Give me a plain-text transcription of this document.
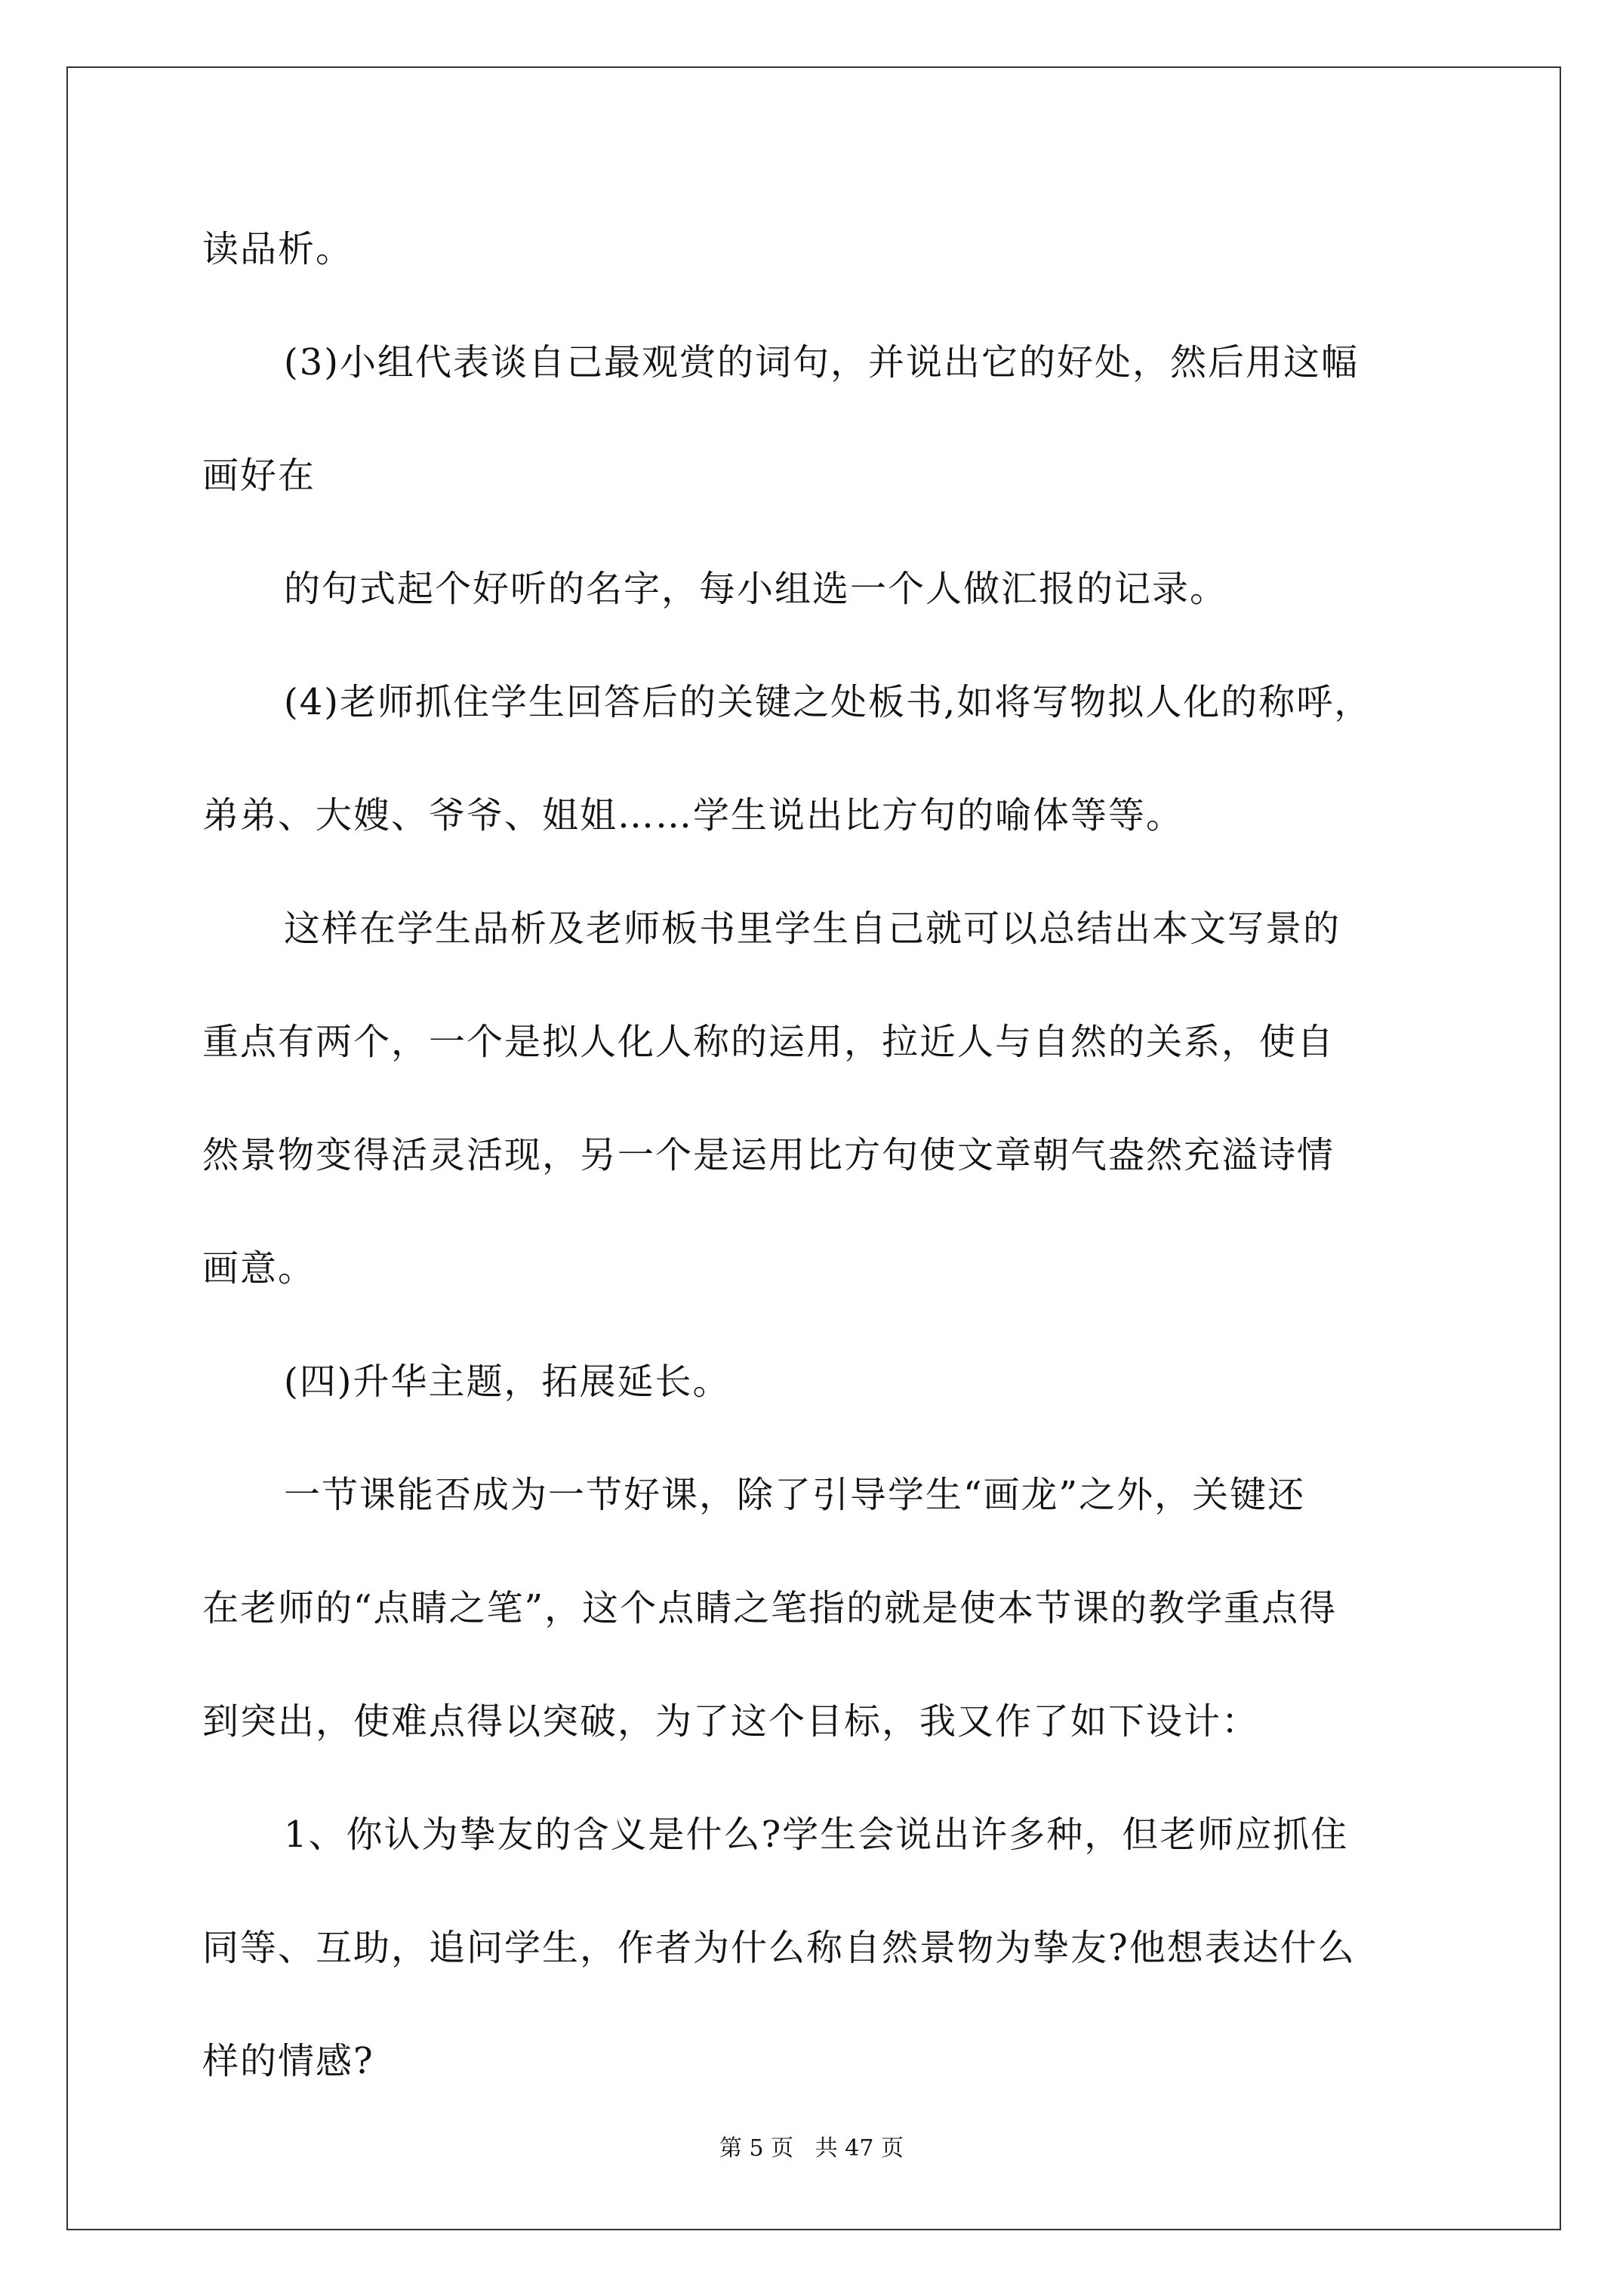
读品析。
(3)小组代表谈自己最观赏的词句，并说出它的好处，然后用这幅
画好在
的句式起个好听的名字，每小组选一个人做汇报的记录。
(4)老师抓住学生回答后的关键之处板书,如将写物拟人化的称呼，
弟弟、大嫂、爷爷、姐姐……学生说出比方句的喻体等等。
这样在学生品析及老师板书里学生自己就可以总结出本文写景的
重点有两个，一个是拟人化人称的运用，拉近人与自然的关系，使自
然景物变得活灵活现，另一个是运用比方句使文章朝气盎然充溢诗情
画意。
(四)升华主题，拓展延长。
一节课能否成为一节好课，除了引导学生“画龙”之外，关键还
在老师的“点睛之笔”，这个点睛之笔指的就是使本节课的教学重点得
到突出，使难点得以突破，为了这个目标，我又作了如下设计：
1、你认为挚友的含义是什么?学生会说出许多种，但老师应抓住
同等、互助，追问学生，作者为什么称自然景物为挚友?他想表达什么
样的情感?
第 5 页   共 47 页
